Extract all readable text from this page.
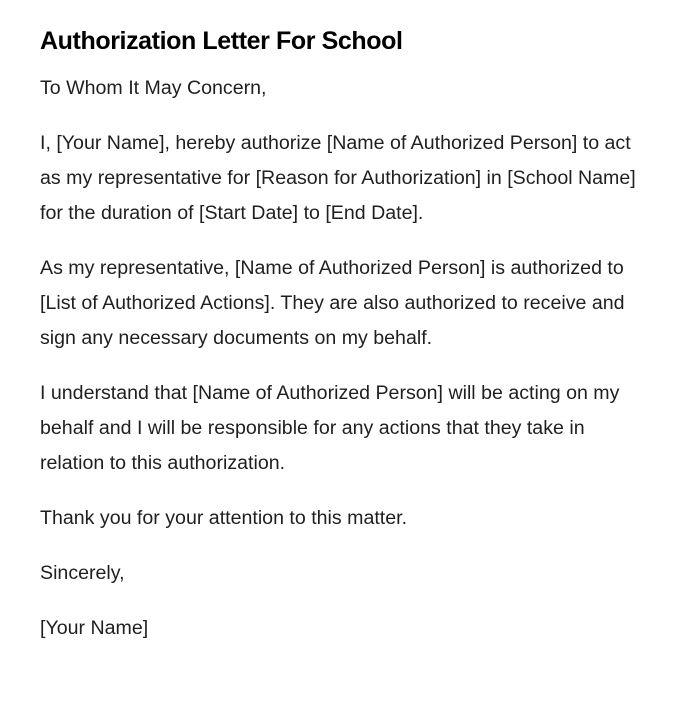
Authorization Letter For School

To Whom It May Concern,

I, [Your Name], hereby authorize [Name of Authorized Person] to act as my representative for [Reason for Authorization] in [School Name] for the duration of [Start Date] to [End Date].

As my representative, [Name of Authorized Person] is authorized to [List of Authorized Actions]. They are also authorized to receive and sign any necessary documents on my behalf.

I understand that [Name of Authorized Person] will be acting on my behalf and I will be responsible for any actions that they take in relation to this authorization.

Thank you for your attention to this matter.

Sincerely,

[Your Name]
